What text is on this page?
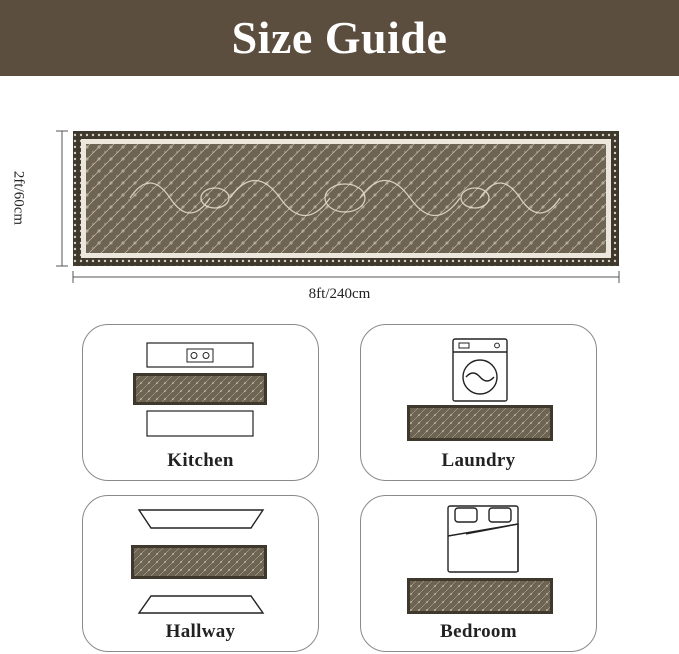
Size Guide
8ft/240cm
2ft/60cm
Kitchen	Laundry
Hallway	Bedroom
